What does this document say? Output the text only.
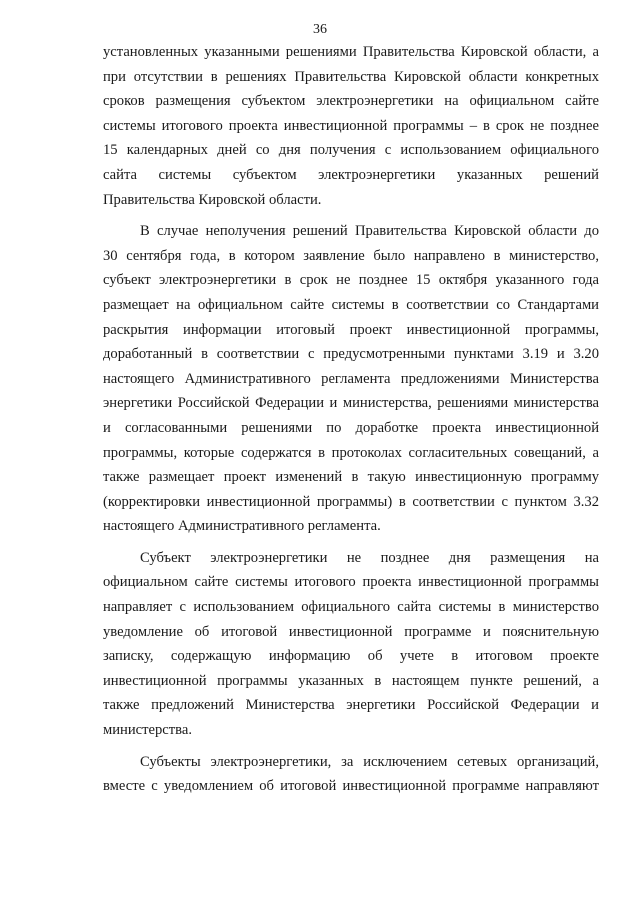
36
установленных указанными решениями Правительства Кировской области, а
при отсутствии в решениях Правительства Кировской области конкретных
сроков размещения субъектом электроэнергетики на официальном сайте
системы итогового проекта инвестиционной программы – в срок не позднее
15 календарных дней со дня получения с использованием официального
сайта системы субъектом электроэнергетики указанных решений
Правительства Кировской области.
В случае неполучения решений Правительства Кировской области до
30 сентября года, в котором заявление было направлено в министерство,
субъект электроэнергетики в срок не позднее 15 октября указанного года
размещает на официальном сайте системы в соответствии со Стандартами
раскрытия информации итоговый проект инвестиционной программы,
доработанный в соответствии с предусмотренными пунктами 3.19 и 3.20
настоящего Административного регламента предложениями Министерства
энергетики Российской Федерации и министерства, решениями министерства
и согласованными решениями по доработке проекта инвестиционной
программы, которые содержатся в протоколах согласительных совещаний, а
также размещает проект изменений в такую инвестиционную программу
(корректировки инвестиционной программы) в соответствии с пунктом 3.32
настоящего Административного регламента.
Субъект электроэнергетики не позднее дня размещения на
официальном сайте системы итогового проекта инвестиционной программы
направляет с использованием официального сайта системы в министерство
уведомление об итоговой инвестиционной программе и пояснительную
записку, содержащую информацию об учете в итоговом проекте
инвестиционной программы указанных в настоящем пункте решений, а
также предложений Министерства энергетики Российской Федерации и
министерства.
Субъекты электроэнергетики, за исключением сетевых организаций,
вместе с уведомлением об итоговой инвестиционной программе направляют
